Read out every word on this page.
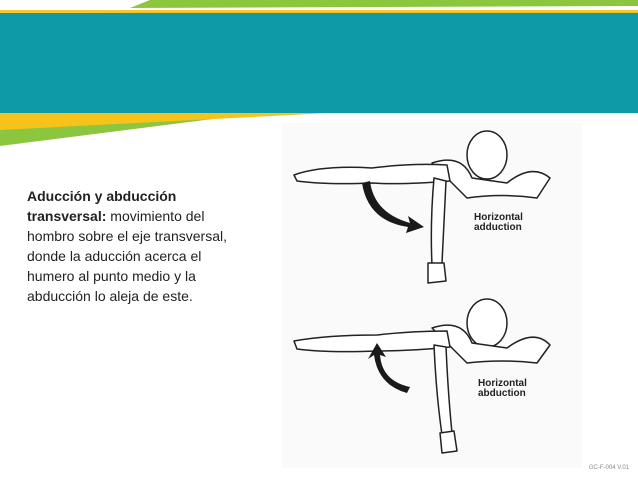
Aducción y abducción transversal: movimiento del hombro sobre el eje transversal, donde la aducción acerca el humero al punto medio y la abducción lo aleja de este.
Horizontal
adduction
Horizontal
abduction
GC-F-004 V.01
